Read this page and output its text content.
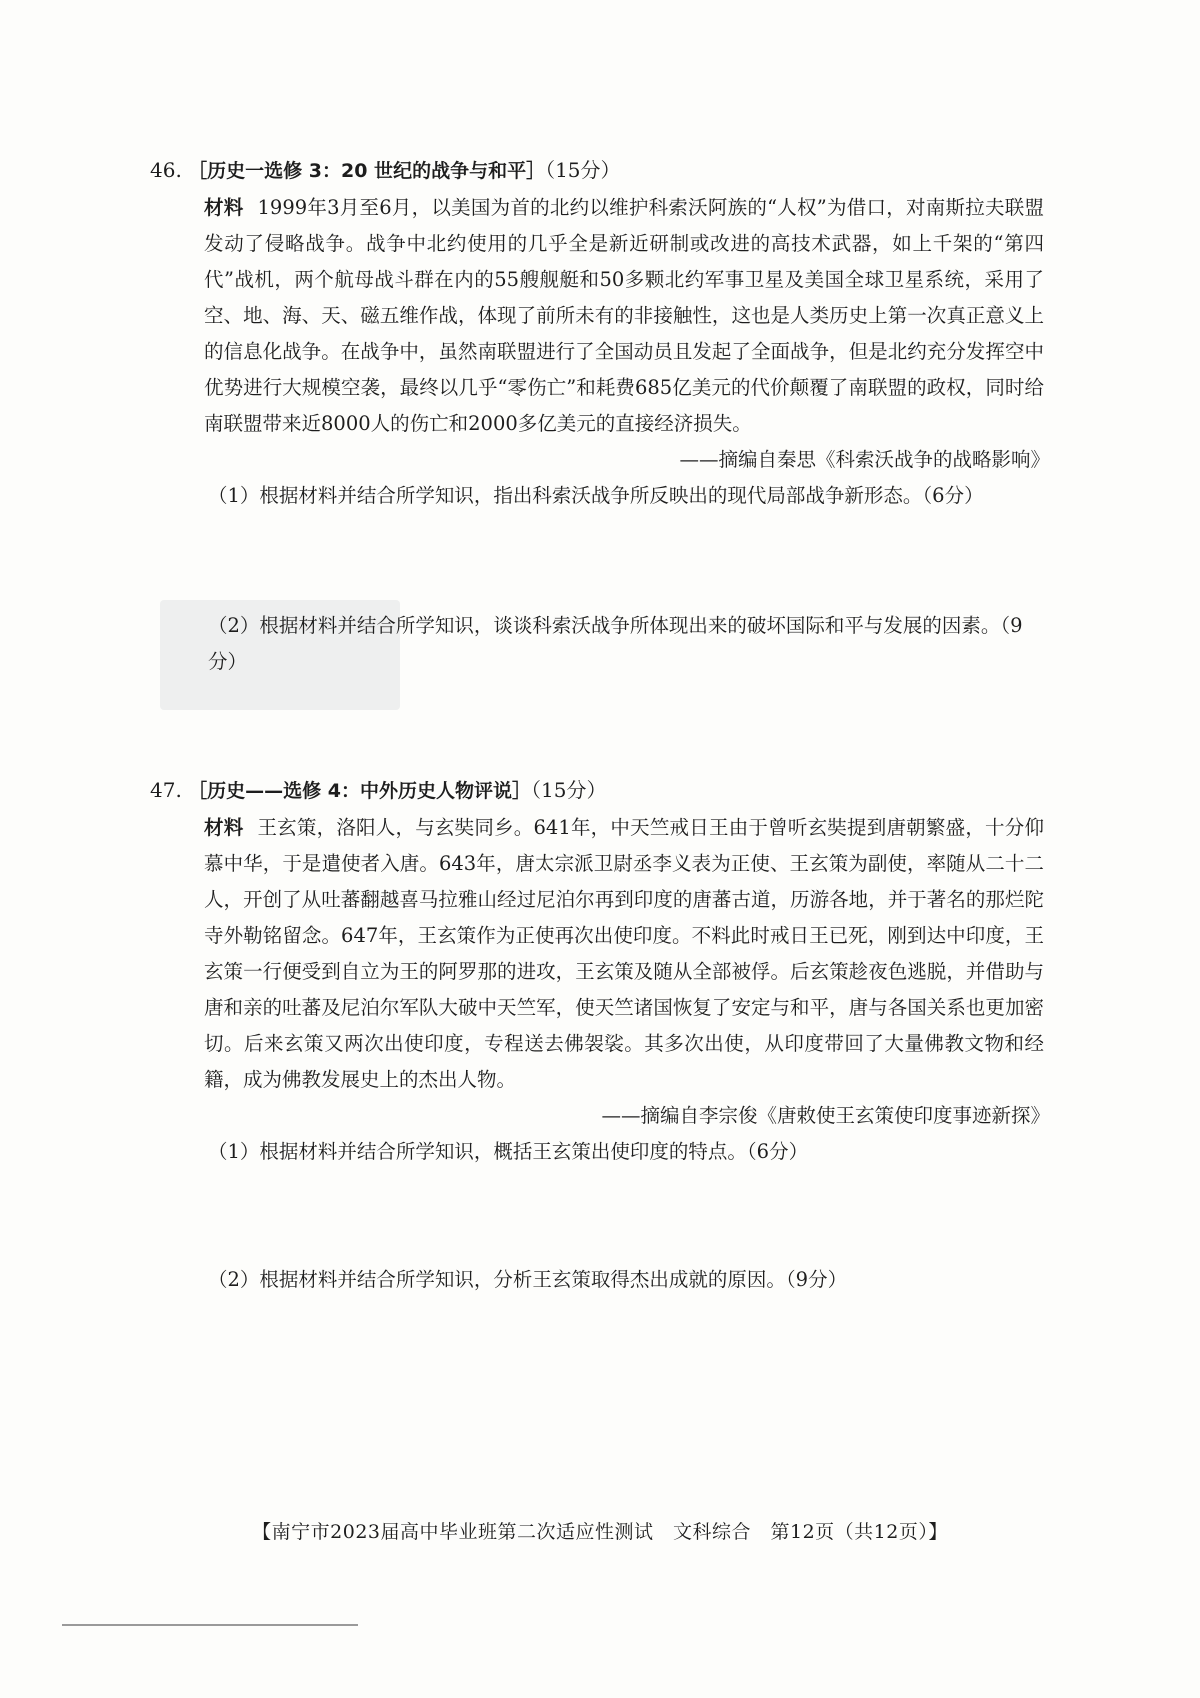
46. ［历史一选修 3：20 世纪的战争与和平］（15分）

材料 1999年3月至6月，以美国为首的北约以维护科索沃阿族的“人权”为借口，对南斯拉夫联盟发动了侵略战争。战争中北约使用的几乎全是新近研制或改进的高技术武器，如上千架的“第四代”战机，两个航母战斗群在内的55艘舰艇和50多颗北约军事卫星及美国全球卫星系统，采用了空、地、海、天、磁五维作战，体现了前所未有的非接触性，这也是人类历史上第一次真正意义上的信息化战争。在战争中，虽然南联盟进行了全国动员且发起了全面战争，但是北约充分发挥空中优势进行大规模空袭，最终以几乎“零伤亡”和耗费685亿美元的代价颠覆了南联盟的政权，同时给南联盟带来近8000人的伤亡和2000多亿美元的直接经济损失。

——摘编自秦思《科索沃战争的战略影响》

（1）根据材料并结合所学知识，指出科索沃战争所反映出的现代局部战争新形态。（6分）

（2）根据材料并结合所学知识，谈谈科索沃战争所体现出来的破坏国际和平与发展的因素。（9分）

47. ［历史——选修 4：中外历史人物评说］（15分）

材料 王玄策，洛阳人，与玄奘同乡。641年，中天竺戒日王由于曾听玄奘提到唐朝繁盛，十分仰慕中华，于是遣使者入唐。643年，唐太宗派卫尉丞李义表为正使、王玄策为副使，率随从二十二人，开创了从吐蕃翻越喜马拉雅山经过尼泊尔再到印度的唐蕃古道，历游各地，并于著名的那烂陀寺外勒铭留念。647年，王玄策作为正使再次出使印度。不料此时戒日王已死，刚到达中印度，王玄策一行便受到自立为王的阿罗那的进攻，王玄策及随从全部被俘。后玄策趁夜色逃脱，并借助与唐和亲的吐蕃及尼泊尔军队大破中天竺军，使天竺诸国恢复了安定与和平，唐与各国关系也更加密切。后来玄策又两次出使印度，专程送去佛袈裟。其多次出使，从印度带回了大量佛教文物和经籍，成为佛教发展史上的杰出人物。

——摘编自李宗俊《唐敕使王玄策使印度事迹新探》

（1）根据材料并结合所学知识，概括王玄策出使印度的特点。（6分）

（2）根据材料并结合所学知识，分析王玄策取得杰出成就的原因。（9分）

【南宁市2023届高中毕业班第二次适应性测试　文科综合　第12页（共12页）】
